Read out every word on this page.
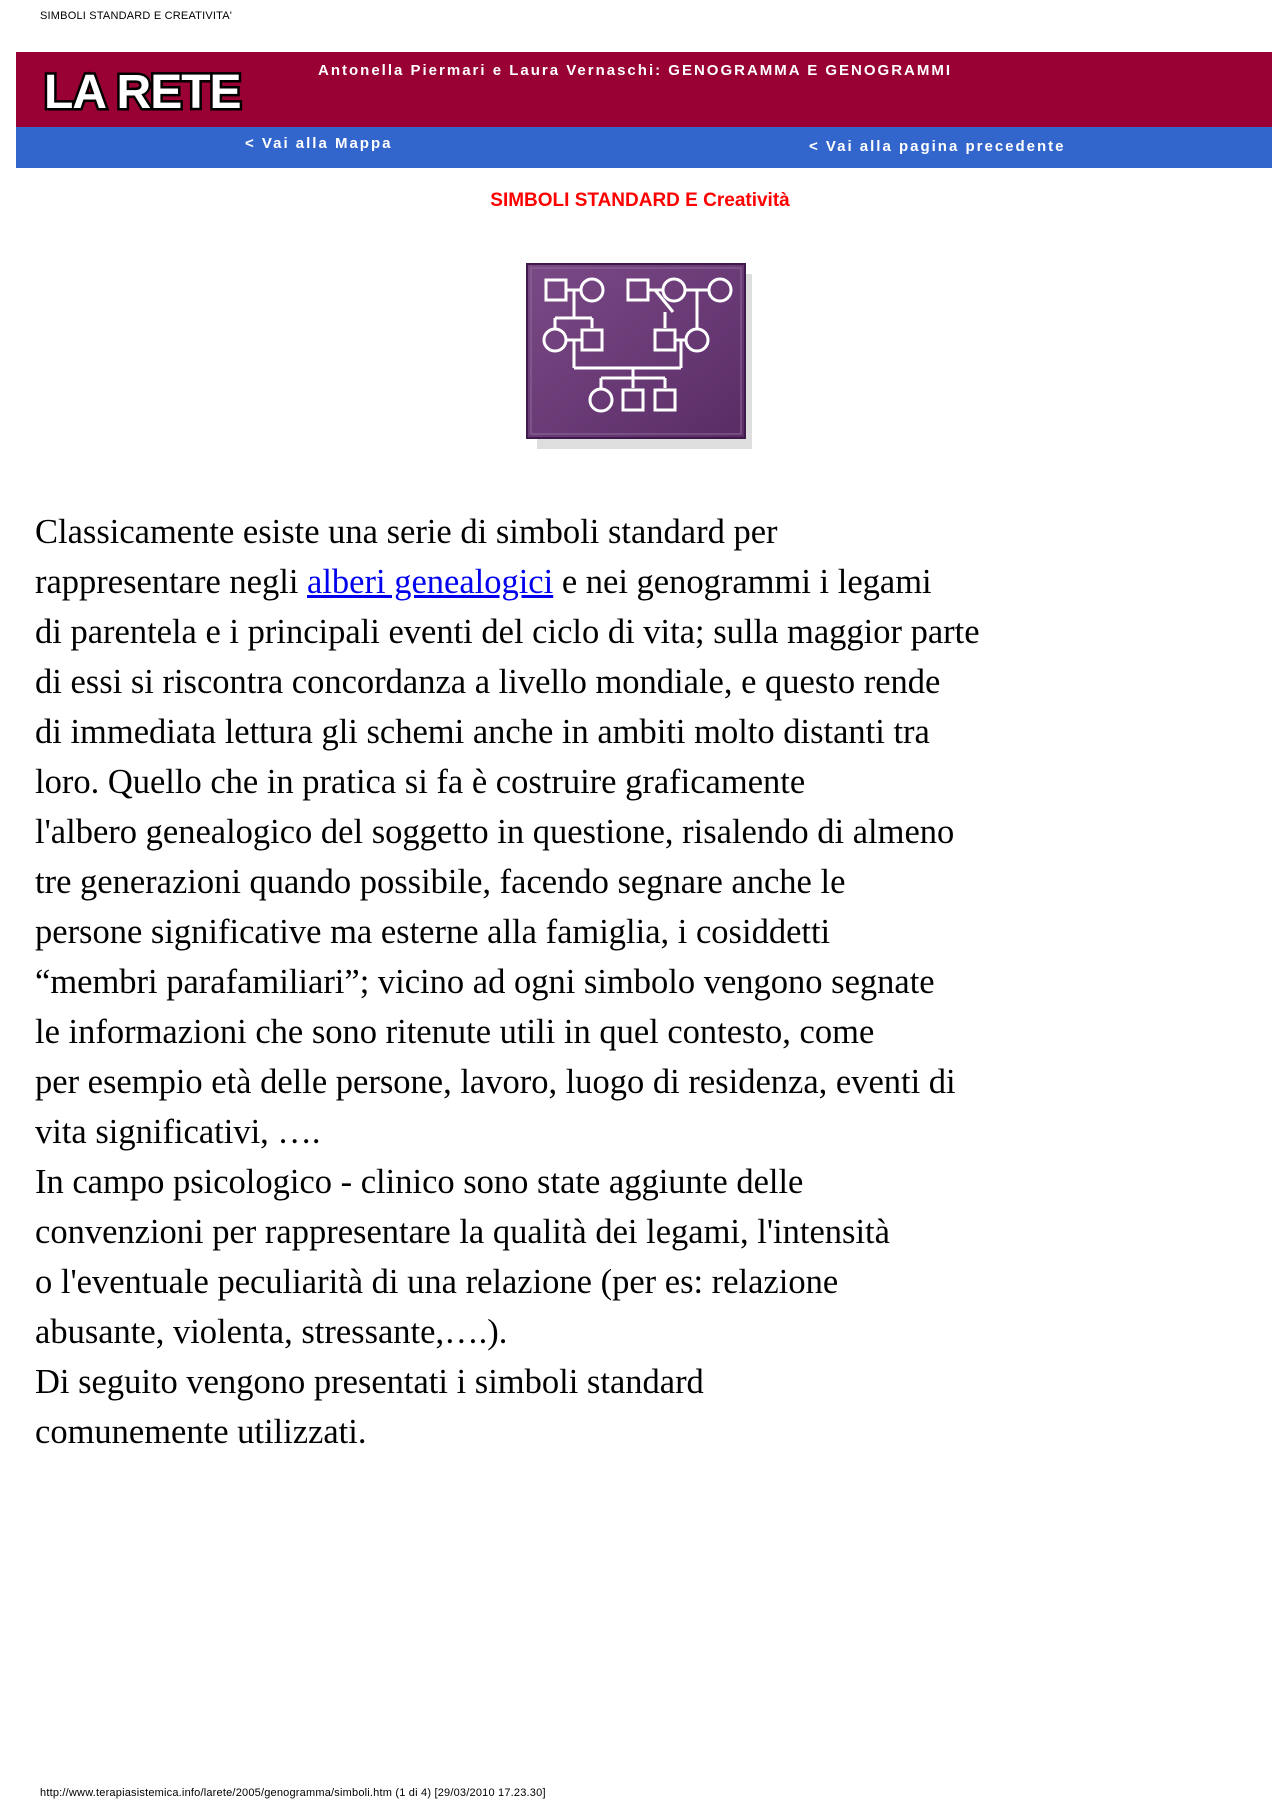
SIMBOLI STANDARD E CREATIVITA'
LA RETE	Antonella Piermari e Laura Vernaschi: GENOGRAMMA E GENOGRAMMI
< Vai alla Mappa	< Vai alla pagina precedente
SIMBOLI STANDARD E Creatività

Classicamente esiste una serie di simboli standard per
rappresentare negli alberi genealogici e nei genogrammi i legami
di parentela e i principali eventi del ciclo di vita; sulla maggior parte
di essi si riscontra concordanza a livello mondiale, e questo rende
di immediata lettura gli schemi anche in ambiti molto distanti tra
loro. Quello che in pratica si fa è costruire graficamente
l'albero genealogico del soggetto in questione, risalendo di almeno
tre generazioni quando possibile, facendo segnare anche le
persone significative ma esterne alla famiglia, i cosiddetti
“membri parafamiliari”; vicino ad ogni simbolo vengono segnate
le informazioni che sono ritenute utili in quel contesto, come
per esempio età delle persone, lavoro, luogo di residenza, eventi di
vita significativi, ….

In campo psicologico - clinico sono state aggiunte delle
convenzioni per rappresentare la qualità dei legami, l'intensità
o l'eventuale peculiarità di una relazione (per es: relazione
abusante, violenta, stressante,….).

Di seguito vengono presentati i simboli standard
comunemente utilizzati.

http://www.terapiasistemica.info/larete/2005/genogramma/simboli.htm (1 di 4) [29/03/2010 17.23.30]
